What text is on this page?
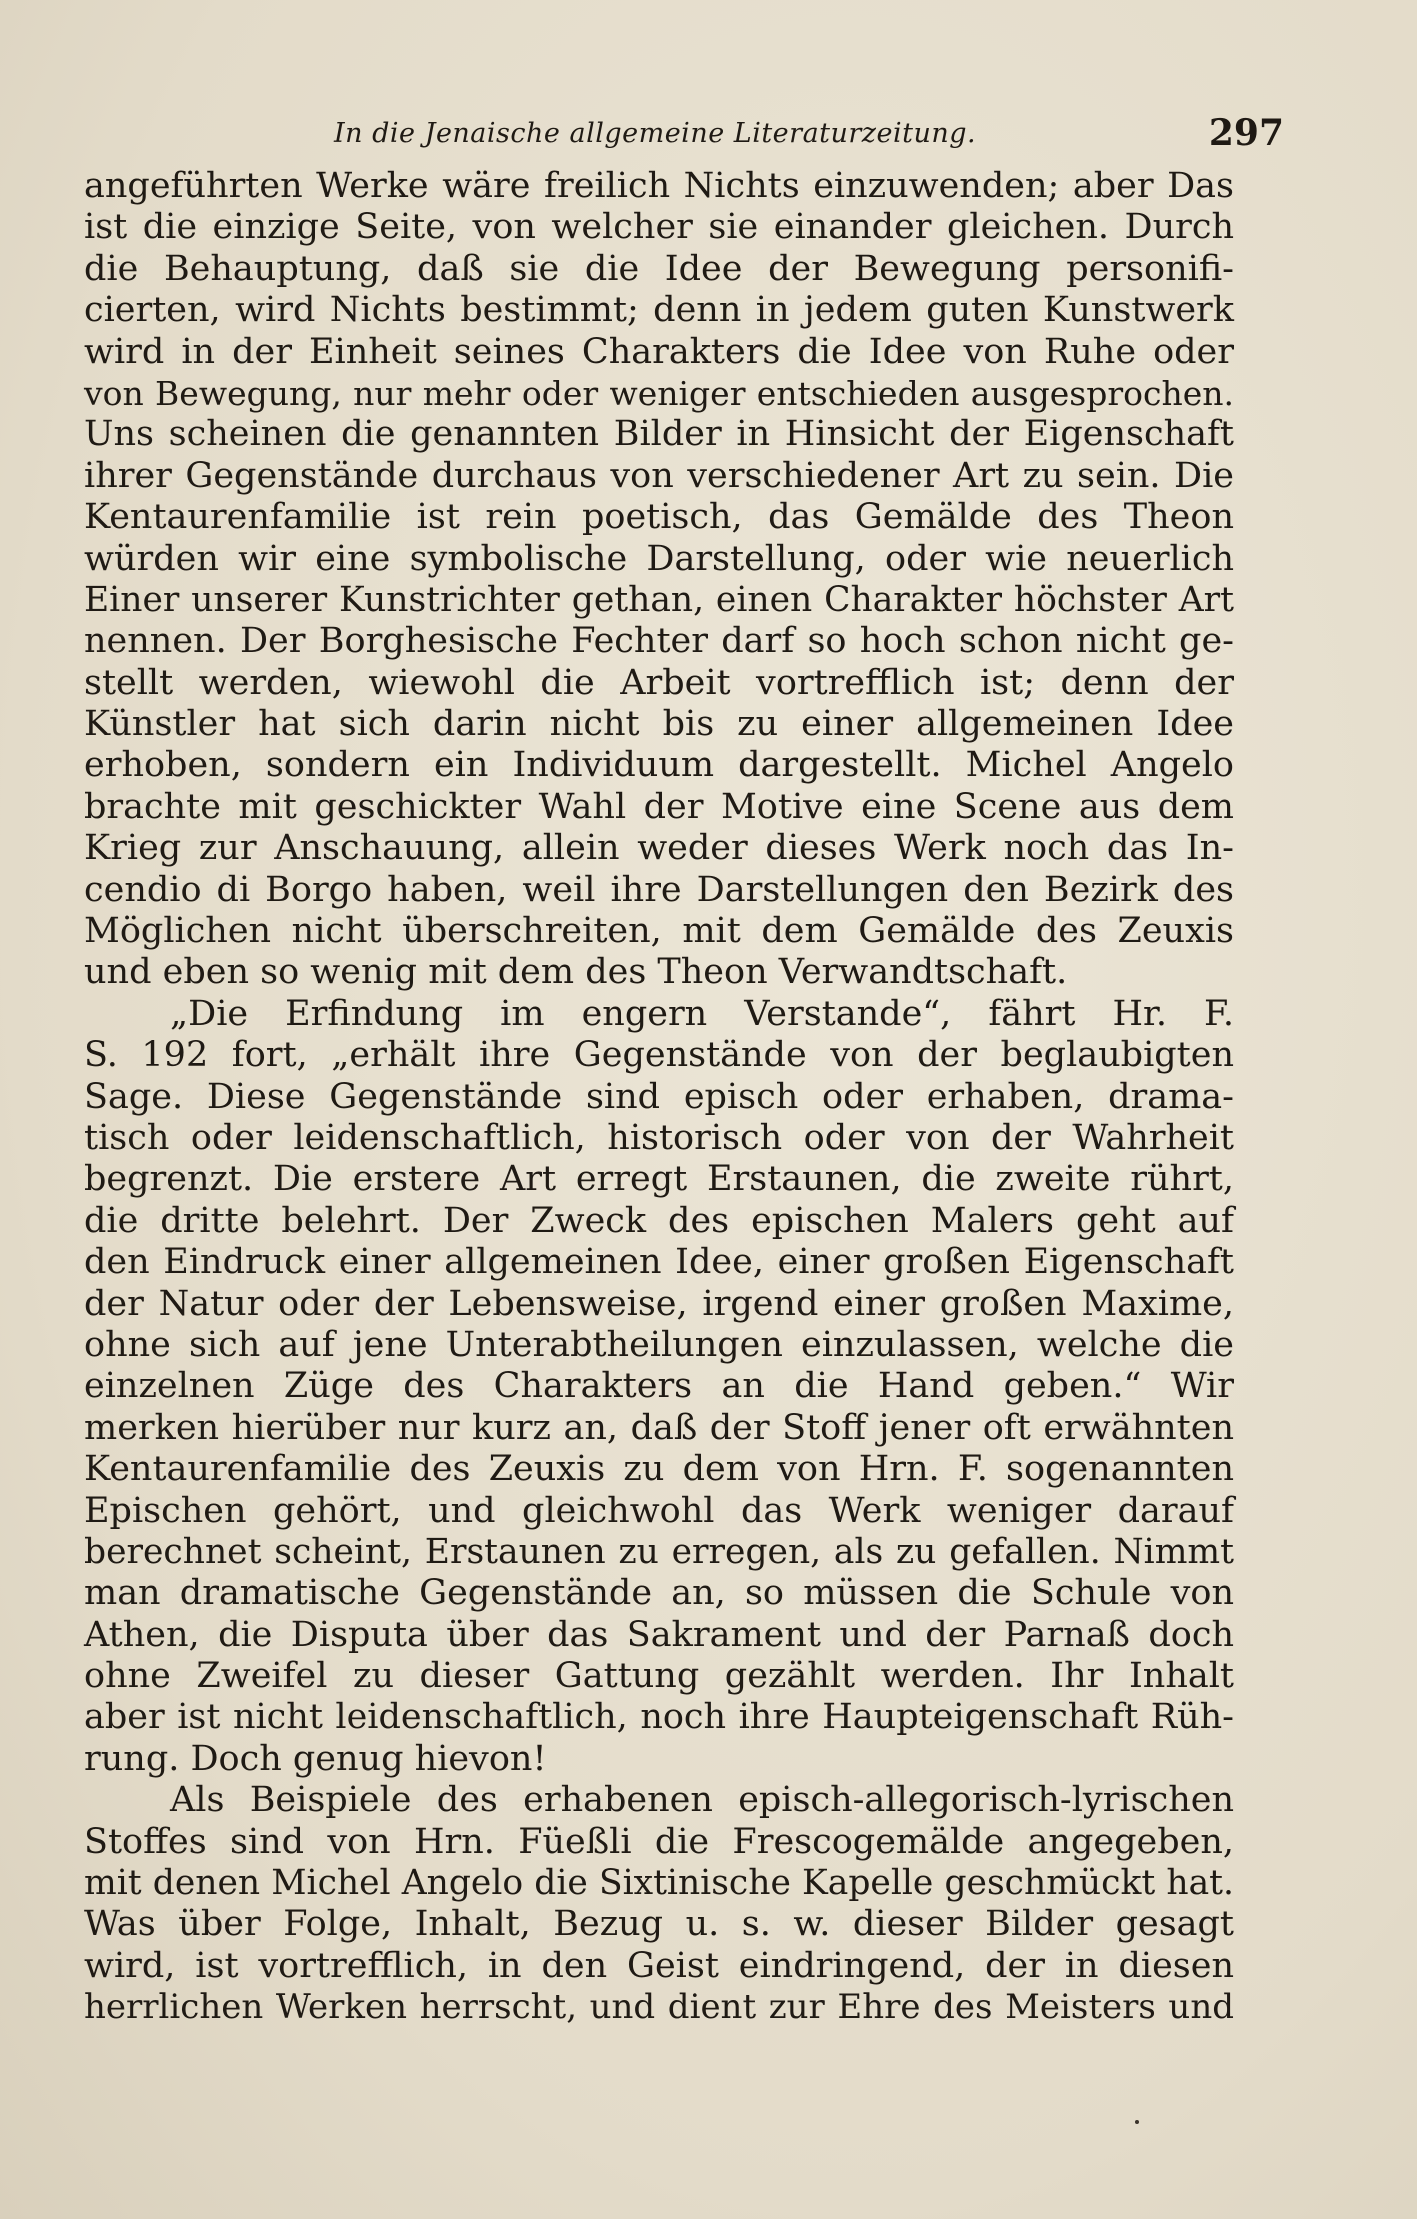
In die Jenaische allgemeine Literaturzeitung.	297
angeführten Werke wäre freilich Nichts einzuwenden; aber Das
ist die einzige Seite, von welcher sie einander gleichen. Durch
die Behauptung, daß sie die Idee der Bewegung personifi-
cierten, wird Nichts bestimmt; denn in jedem guten Kunstwerk
wird in der Einheit seines Charakters die Idee von Ruhe oder
von Bewegung, nur mehr oder weniger entschieden ausgesprochen.
Uns scheinen die genannten Bilder in Hinsicht der Eigenschaft
ihrer Gegenstände durchaus von verschiedener Art zu sein. Die
Kentaurenfamilie ist rein poetisch, das Gemälde des Theon
würden wir eine symbolische Darstellung, oder wie neuerlich
Einer unserer Kunstrichter gethan, einen Charakter höchster Art
nennen. Der Borghesische Fechter darf so hoch schon nicht ge-
stellt werden, wiewohl die Arbeit vortrefflich ist; denn der
Künstler hat sich darin nicht bis zu einer allgemeinen Idee
erhoben, sondern ein Individuum dargestellt. Michel Angelo
brachte mit geschickter Wahl der Motive eine Scene aus dem
Krieg zur Anschauung, allein weder dieses Werk noch das In-
cendio di Borgo haben, weil ihre Darstellungen den Bezirk des
Möglichen nicht überschreiten, mit dem Gemälde des Zeuxis
und eben so wenig mit dem des Theon Verwandtschaft.
„Die Erfindung im engern Verstande“, fährt Hr. F.
S. 192 fort, „erhält ihre Gegenstände von der beglaubigten
Sage. Diese Gegenstände sind episch oder erhaben, drama-
tisch oder leidenschaftlich, historisch oder von der Wahrheit
begrenzt. Die erstere Art erregt Erstaunen, die zweite rührt,
die dritte belehrt. Der Zweck des epischen Malers geht auf
den Eindruck einer allgemeinen Idee, einer großen Eigenschaft
der Natur oder der Lebensweise, irgend einer großen Maxime,
ohne sich auf jene Unterabtheilungen einzulassen, welche die
einzelnen Züge des Charakters an die Hand geben.“ Wir
merken hierüber nur kurz an, daß der Stoff jener oft erwähnten
Kentaurenfamilie des Zeuxis zu dem von Hrn. F. sogenannten
Epischen gehört, und gleichwohl das Werk weniger darauf
berechnet scheint, Erstaunen zu erregen, als zu gefallen. Nimmt
man dramatische Gegenstände an, so müssen die Schule von
Athen, die Disputa über das Sakrament und der Parnaß doch
ohne Zweifel zu dieser Gattung gezählt werden. Ihr Inhalt
aber ist nicht leidenschaftlich, noch ihre Haupteigenschaft Rüh-
rung. Doch genug hievon!
Als Beispiele des erhabenen episch-allegorisch-lyrischen
Stoffes sind von Hrn. Füeßli die Frescogemälde angegeben,
mit denen Michel Angelo die Sixtinische Kapelle geschmückt hat.
Was über Folge, Inhalt, Bezug u. s. w. dieser Bilder gesagt
wird, ist vortrefflich, in den Geist eindringend, der in diesen
herrlichen Werken herrscht, und dient zur Ehre des Meisters und
